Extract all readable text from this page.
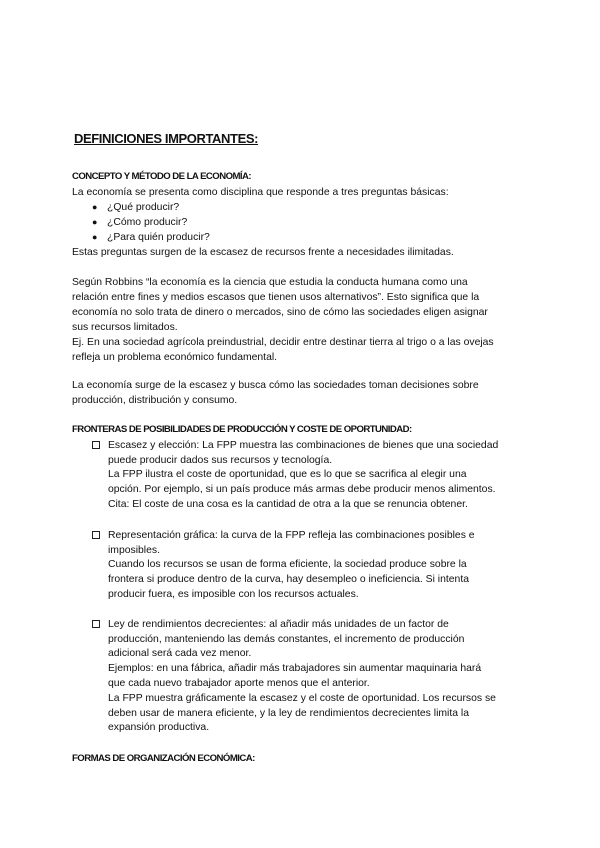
DEFINICIONES IMPORTANTES:
CONCEPTO Y MÉTODO DE LA ECONOMÍA:
La economía se presenta como disciplina que responde a tres preguntas básicas:
● ¿Qué producir?
● ¿Cómo producir?
● ¿Para quién producir?
Estas preguntas surgen de la escasez de recursos frente a necesidades ilimitadas.
Según Robbins “la economía es la ciencia que estudia la conducta humana como una
relación entre fines y medios escasos que tienen usos alternativos”. Esto significa que la
economía no solo trata de dinero o mercados, sino de cómo las sociedades eligen asignar
sus recursos limitados.
Ej. En una sociedad agrícola preindustrial, decidir entre destinar tierra al trigo o a las ovejas
refleja un problema económico fundamental.
La economía surge de la escasez y busca cómo las sociedades toman decisiones sobre
producción, distribución y consumo.
FRONTERAS DE POSIBILIDADES DE PRODUCCIÓN Y COSTE DE OPORTUNIDAD:
Escasez y elección: La FPP muestra las combinaciones de bienes que una sociedad
puede producir dados sus recursos y tecnología.
La FPP ilustra el coste de oportunidad, que es lo que se sacrifica al elegir una
opción. Por ejemplo, si un país produce más armas debe producir menos alimentos.
Cita: El coste de una cosa es la cantidad de otra a la que se renuncia obtener.
Representación gráfica: la curva de la FPP refleja las combinaciones posibles e
imposibles.
Cuando los recursos se usan de forma eficiente, la sociedad produce sobre la
frontera si produce dentro de la curva, hay desempleo o ineficiencia. Si intenta
producir fuera, es imposible con los recursos actuales.
Ley de rendimientos decrecientes: al añadir más unidades de un factor de
producción, manteniendo las demás constantes, el incremento de producción
adicional será cada vez menor.
Ejemplos: en una fábrica, añadir más trabajadores sin aumentar maquinaria hará
que cada nuevo trabajador aporte menos que el anterior.
La FPP muestra gráficamente la escasez y el coste de oportunidad. Los recursos se
deben usar de manera eficiente, y la ley de rendimientos decrecientes limita la
expansión productiva.
FORMAS DE ORGANIZACIÓN ECONÓMICA:
